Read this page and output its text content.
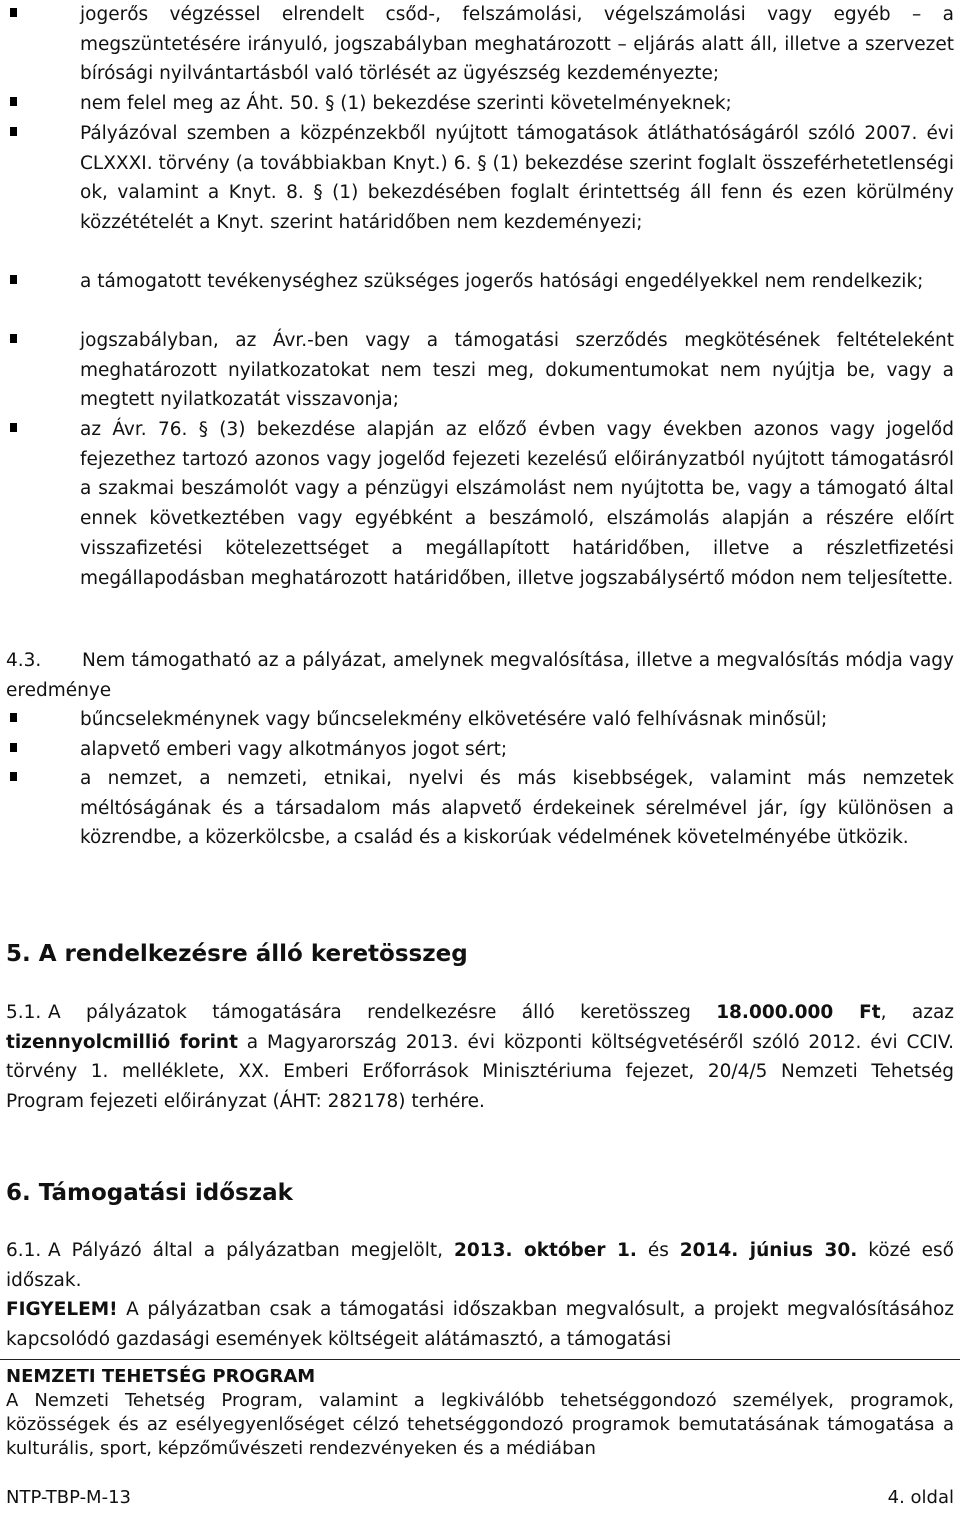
jogerős végzéssel elrendelt csőd-, felszámolási, végelszámolási vagy egyéb – a megszüntetésére irányuló, jogszabályban meghatározott – eljárás alatt áll, illetve a szervezet bírósági nyilvántartásból való törlését az ügyészség kezdeményezte;
nem felel meg az Áht. 50. § (1) bekezdése szerinti követelményeknek;
Pályázóval szemben a közpénzekből nyújtott támogatások átláthatóságáról szóló 2007. évi CLXXXI. törvény (a továbbiakban Knyt.) 6. § (1) bekezdése szerint foglalt összeférhetetlenségi ok, valamint a Knyt. 8. § (1) bekezdésében foglalt érintettség áll fenn és ezen körülmény közzétételét a Knyt. szerint határidőben nem kezdeményezi;
a támogatott tevékenységhez szükséges jogerős hatósági engedélyekkel nem rendelkezik;
jogszabályban, az Ávr.-ben vagy a támogatási szerződés megkötésének feltételeként meghatározott nyilatkozatokat nem teszi meg, dokumentumokat nem nyújtja be, vagy a megtett nyilatkozatát visszavonja;
az Ávr. 76. § (3) bekezdése alapján az előző évben vagy években azonos vagy jogelőd fejezethez tartozó azonos vagy jogelőd fejezeti kezelésű előirányzatból nyújtott támogatásról a szakmai beszámolót vagy a pénzügyi elszámolást nem nyújtotta be, vagy a támogató által ennek következtében vagy egyébként a beszámoló, elszámolás alapján a részére előírt visszafizetési kötelezettséget a megállapított határidőben, illetve a részletfizetési megállapodásban meghatározott határidőben, illetve jogszabálysértő módon nem teljesítette.
4.3. Nem támogatható az a pályázat, amelynek megvalósítása, illetve a megvalósítás módja vagy eredménye
bűncselekménynek vagy bűncselekmény elkövetésére való felhívásnak minősül;
alapvető emberi vagy alkotmányos jogot sért;
a nemzet, a nemzeti, etnikai, nyelvi és más kisebbségek, valamint más nemzetek méltóságának és a társadalom más alapvető érdekeinek sérelmével jár, így különösen a közrendbe, a közerkölcsbe, a család és a kiskorúak védelmének követelményébe ütközik.
5. A rendelkezésre álló keretösszeg
5.1. A pályázatok támogatására rendelkezésre álló keretösszeg 18.000.000 Ft, azaz tizennyolcmillió forint a Magyarország 2013. évi központi költségvetéséről szóló 2012. évi CCIV. törvény 1. melléklete, XX. Emberi Erőforrások Minisztériuma fejezet, 20/4/5 Nemzeti Tehetség Program fejezeti előirányzat (ÁHT: 282178) terhére.
6. Támogatási időszak
6.1. A Pályázó által a pályázatban megjelölt, 2013. október 1. és 2014. június 30. közé eső időszak.
FIGYELEM! A pályázatban csak a támogatási időszakban megvalósult, a projekt megvalósításához kapcsolódó gazdasági események költségeit alátámasztó, a támogatási
NEMZETI TEHETSÉG PROGRAM
A Nemzeti Tehetség Program, valamint a legkiválóbb tehetséggondozó személyek, programok, közösségek és az esélyegyenlőséget célzó tehetséggondozó programok bemutatásának támogatása a kulturális, sport, képzőművészeti rendezvényeken és a médiában
NTP-TBP-M-13	4. oldal
